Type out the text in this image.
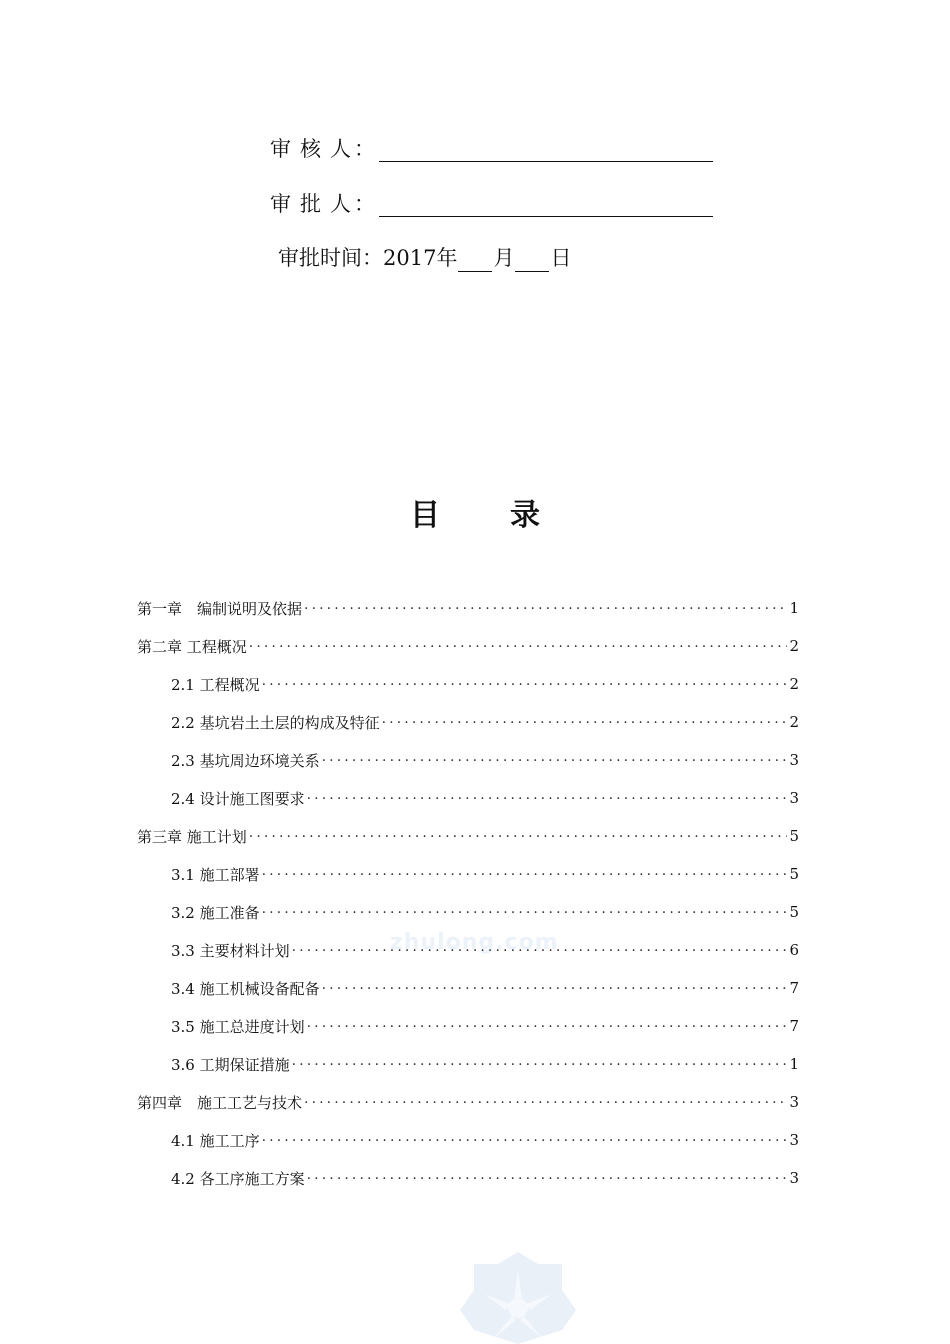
审核人
：
审批人
：
审批时间：2017年 月 日
目录
第一章　编制说明及依据 .....	1
第二章 工程概况 .....	2
2.1 工程概况 .....	2
2.2 基坑岩土土层的构成及特征 .....	2
2.3 基坑周边环境关系 .....	3
2.4 设计施工图要求 .....	3
第三章 施工计划 .....	5
3.1 施工部署 .....	5
3.2 施工准备 .....	5
3.3 主要材料计划 .....	6
3.4 施工机械设备配备 .....	7
3.5 施工总进度计划 .....	7
3.6 工期保证措施 .....	1
第四章　施工工艺与技术 .....	3
4.1 施工工序 .....	3
4.2 各工序施工方案 .....	3
zhulong.com
